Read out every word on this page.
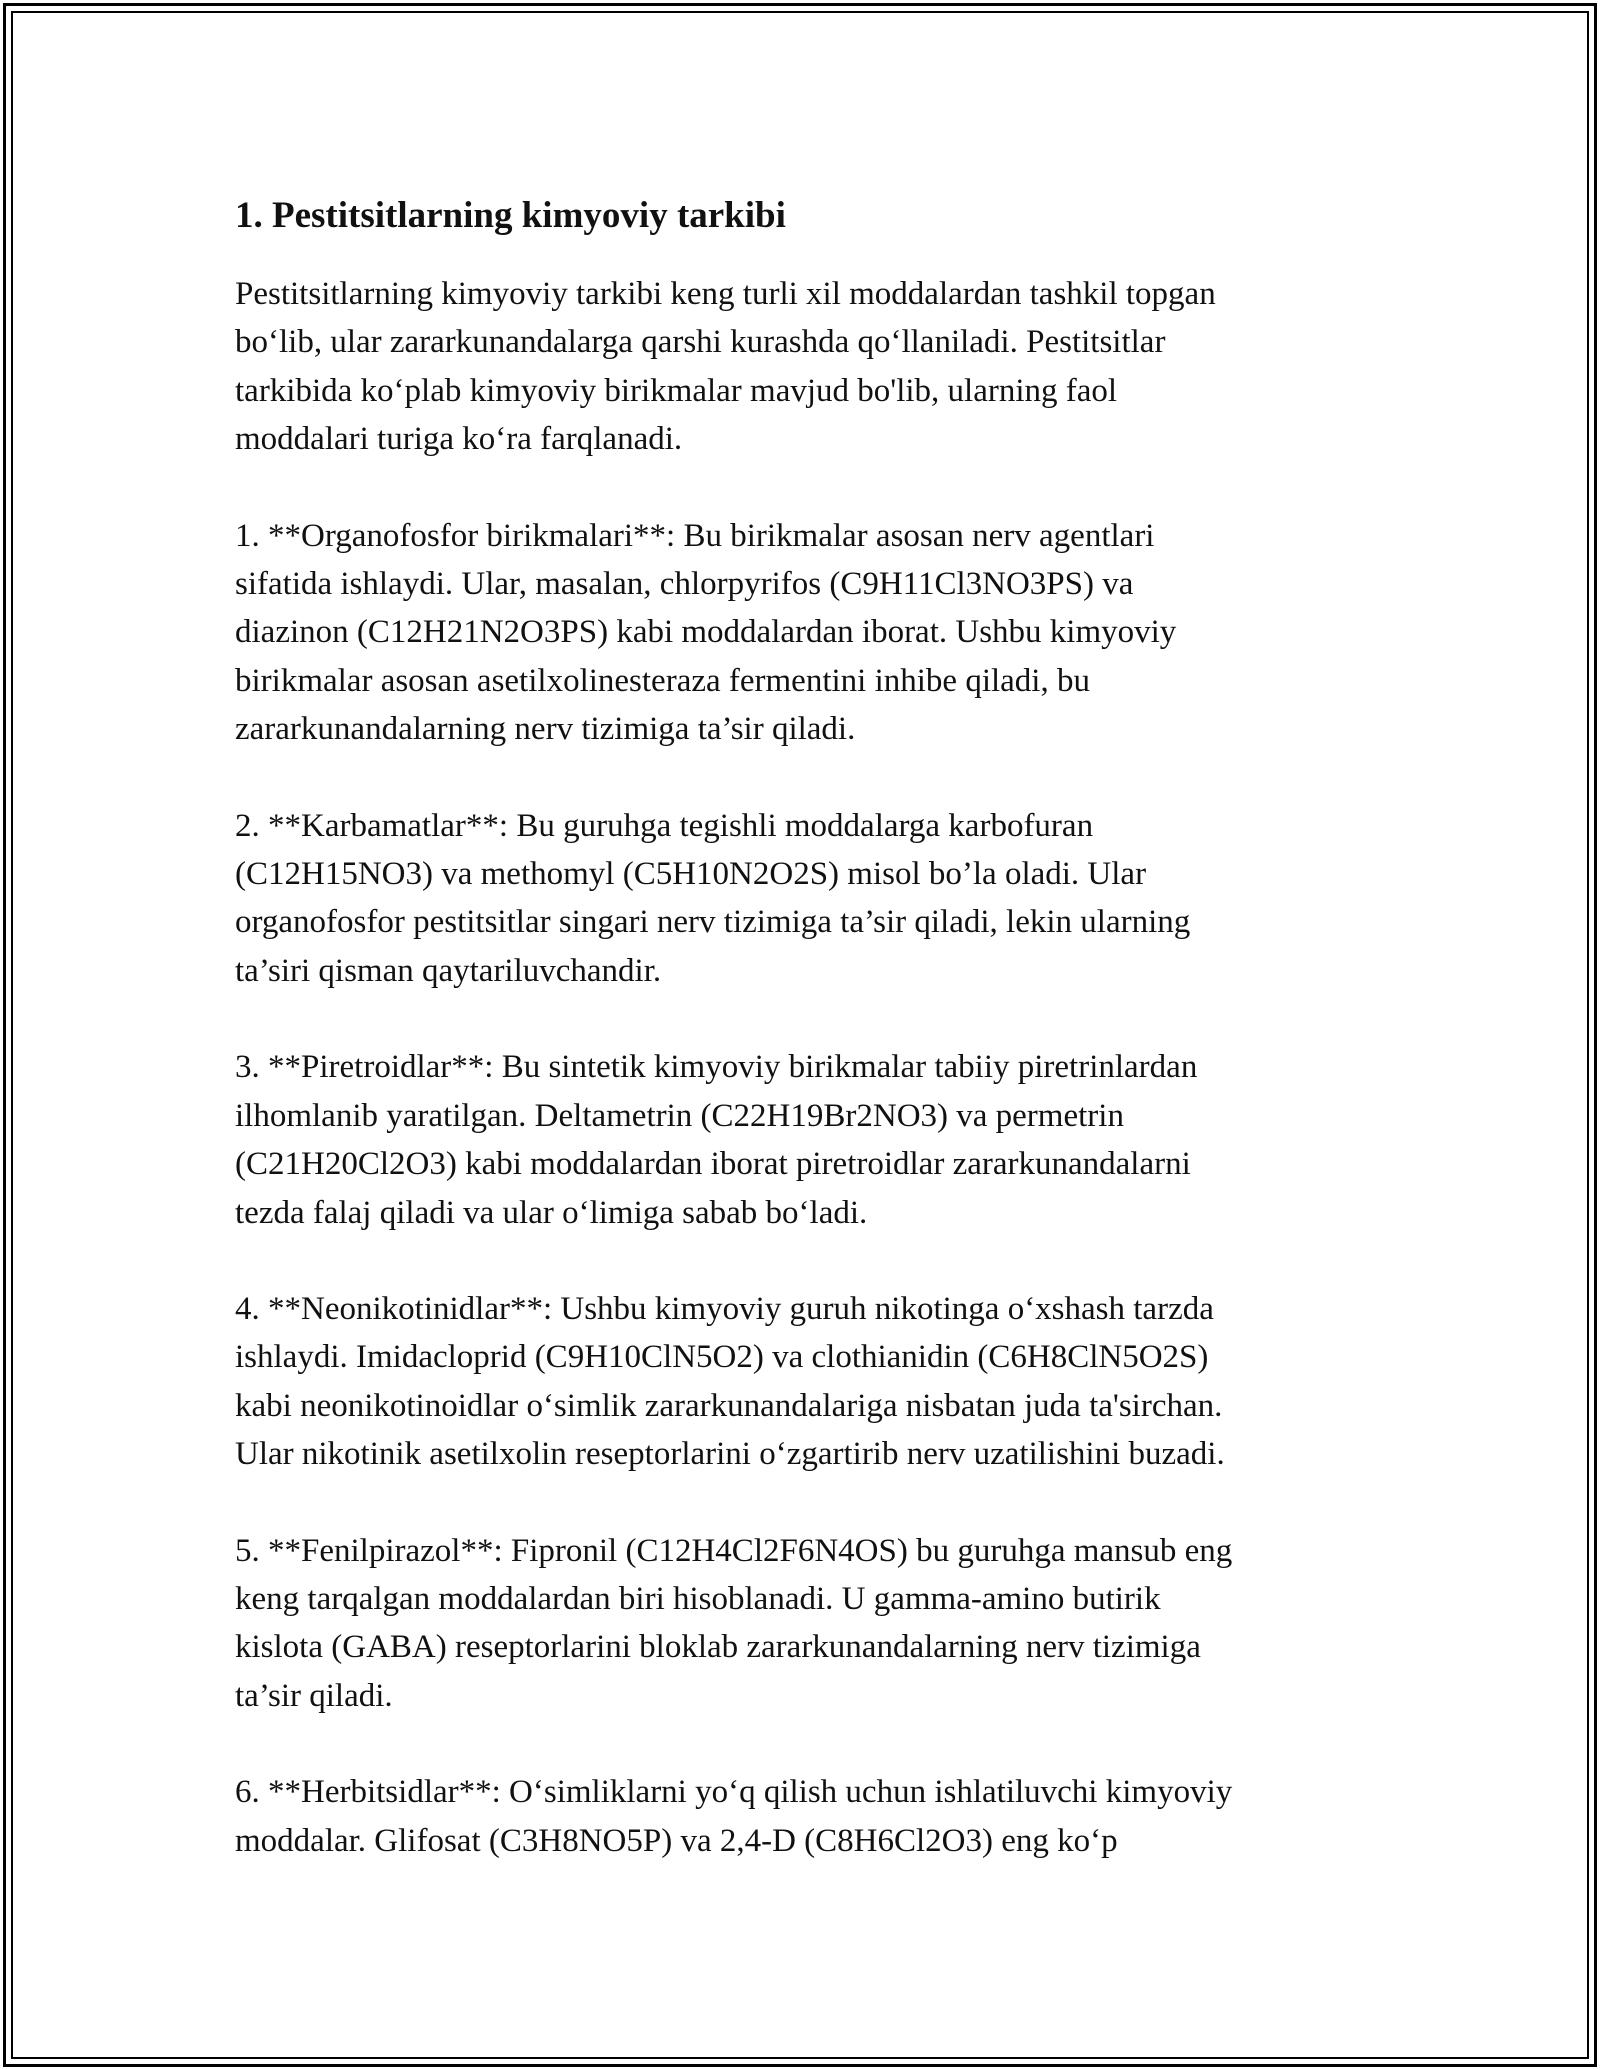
1. Pestitsitlarning kimyoviy tarkibi

Pestitsitlarning kimyoviy tarkibi keng turli xil moddalardan tashkil topgan
bo‘lib, ular zararkunandalarga qarshi kurashda qo‘llaniladi. Pestitsitlar
tarkibida ko‘plab kimyoviy birikmalar mavjud bo'lib, ularning faol
moddalari turiga ko‘ra farqlanadi.

1. **Organofosfor birikmalari**: Bu birikmalar asosan nerv agentlari
sifatida ishlaydi. Ular, masalan, chlorpyrifos (C9H11Cl3NO3PS) va
diazinon (C12H21N2O3PS) kabi moddalardan iborat. Ushbu kimyoviy
birikmalar asosan asetilxolinesteraza fermentini inhibe qiladi, bu
zararkunandalarning nerv tizimiga ta’sir qiladi.

2. **Karbamatlar**: Bu guruhga tegishli moddalarga karbofuran
(C12H15NO3) va methomyl (C5H10N2O2S) misol bo’la oladi. Ular
organofosfor pestitsitlar singari nerv tizimiga ta’sir qiladi, lekin ularning
ta’siri qisman qaytariluvchandir.

3. **Piretroidlar**: Bu sintetik kimyoviy birikmalar tabiiy piretrinlardan
ilhomlanib yaratilgan. Deltametrin (C22H19Br2NO3) va permetrin
(C21H20Cl2O3) kabi moddalardan iborat piretroidlar zararkunandalarni
tezda falaj qiladi va ular o‘limiga sabab bo‘ladi.

4. **Neonikotinidlar**: Ushbu kimyoviy guruh nikotinga o‘xshash tarzda
ishlaydi. Imidacloprid (C9H10ClN5O2) va clothianidin (C6H8ClN5O2S)
kabi neonikotinoidlar o‘simlik zararkunandalariga nisbatan juda ta'sirchan.
Ular nikotinik asetilxolin reseptorlarini o‘zgartirib nerv uzatilishini buzadi.

5. **Fenilpirazol**: Fipronil (C12H4Cl2F6N4OS) bu guruhga mansub eng
keng tarqalgan moddalardan biri hisoblanadi. U gamma-amino butirik
kislota (GABA) reseptorlarini bloklab zararkunandalarning nerv tizimiga
ta’sir qiladi.

6. **Herbitsidlar**: O‘simliklarni yo‘q qilish uchun ishlatiluvchi kimyoviy
moddalar. Glifosat (C3H8NO5P) va 2,4-D (C8H6Cl2O3) eng ko‘p
